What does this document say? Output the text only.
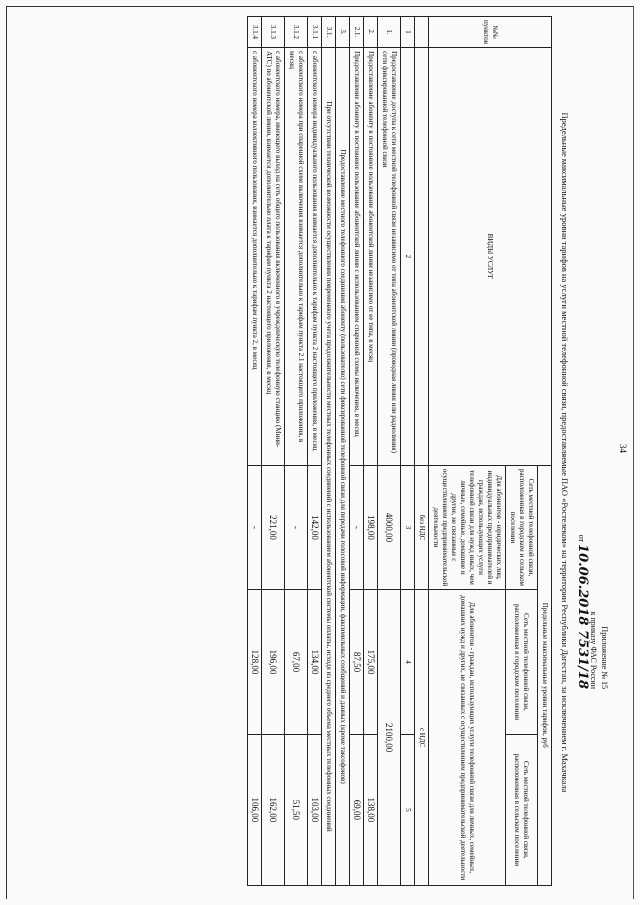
34
Приложение № 15
к приказу ФАС России
от 10.06.2018 7531/18
Предельные максимальные уровни тарифов на услуги местной телефонной связи, предоставляемые ПАО «Ростелеком» на территории Республики Дагестан, за исключением г. Махачкала
№№ пунктов	ВИДЫ УСЛУГ	Предельные максимальные уровни тарифов, руб		
		Сеть местной телефонной связи, расположенная в городском и сельском поселении	Сеть местной телефонной связи, расположенная в городском поселении	Сеть местной телефонной связи, расположенная в сельском поселении
		Для абонентов - юридических лиц, индивидуальных предпринимателей и граждан, использующих услуги телефонной связи для нужд иных, чем личные, семейные, домашние и другие, не связанные с осуществлением предпринимательской деятельности	Для абонентов - граждан, использующих услуги телефонной связи для личных, семейных, домашних нужд и других, не связанных с осуществлением предпринимательской деятельности	
		без НДС	с НДС	
1	2	3	4	5
1.	Предоставление доступа к сети местной телефонной связи независимо от типа абонентской линии (проводная линия или радиолиния) сети фиксированной телефонной связи	4000,00	2100,00	
2.	Предоставление абоненту в постоянное пользование абонентской линии независимо от ее типа, в месяц	198,00	175,00	138,00
2.1.	Предоставление абоненту в постоянное пользование абонентской линии с использованием спаренной схемы включения, в месяц	-	87,50	69,00
3.	Предоставление местного телефонного соединения абоненту (пользователю) сети фиксированной телефонной связи для передачи голосовой информации, факсимильных сообщений и данных (кроме таксофонов)			
3.1.	При отсутствии технической возможности осуществления повременного учета продолжительности местных телефонных соединений с использованием абонентской системы оплаты, исходя из среднего объема местных телефонных соединений			
3.1.1	с абонентского номера индивидуального пользования взимается дополнительно к тарифам пункта 2 настоящего приложения, в месяц	142,00	134,00	103,00
3.1.2	с абонентского номера при спаренной схеме включения взимается дополнительно к тарифам пункта 2.1 настоящего приложения, в месяц	-	67,00	51,50
3.1.3	с абонентского номера, имеющего выход на сеть общего пользования включенного в учрежденческую телефонную станцию (Мини-АТС) по абонентской линии, взимается дополнительно плата к тарифам пункта 2 настоящего приложения, в месяц	221,00	196,00	162,00
3.1.4	с абонентского номера коллективного пользования, взимается дополнительно к тарифам пункта 2, в месяц	-	128,00	106,00
